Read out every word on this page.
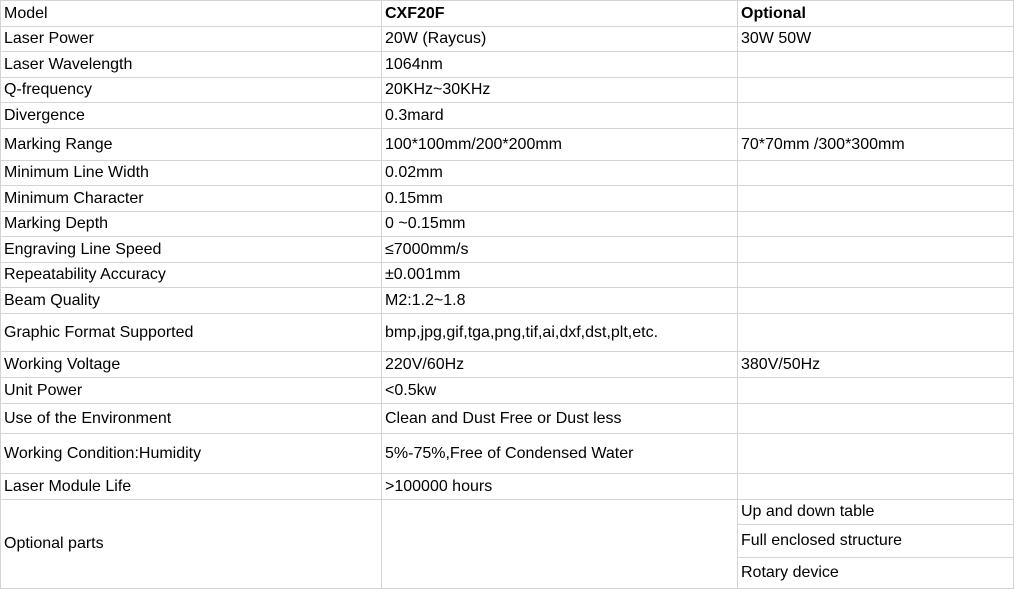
Model	CXF20F	Optional
Laser Power	20W (Raycus)	30W 50W
Laser Wavelength	1064nm	
Q-frequency	20KHz~30KHz	
Divergence	0.3mard	
Marking Range	100*100mm/200*200mm	70*70mm /300*300mm
Minimum Line Width	0.02mm	
Minimum Character	0.15mm	
Marking Depth	0 ~0.15mm	
Engraving Line Speed	≤7000mm/s	
Repeatability Accuracy	±0.001mm	
Beam Quality	M2:1.2~1.8	
Graphic Format Supported	bmp,jpg,gif,tga,png,tif,ai,dxf,dst,plt,etc.	
Working Voltage	220V/60Hz	380V/50Hz
Unit Power	<0.5kw	
Use of the Environment	Clean and Dust Free or Dust less	
Working Condition:Humidity	5%-75%,Free of Condensed Water	
Laser Module Life	>100000 hours	
Optional parts		Up and down table
		Full enclosed structure
		Rotary device
